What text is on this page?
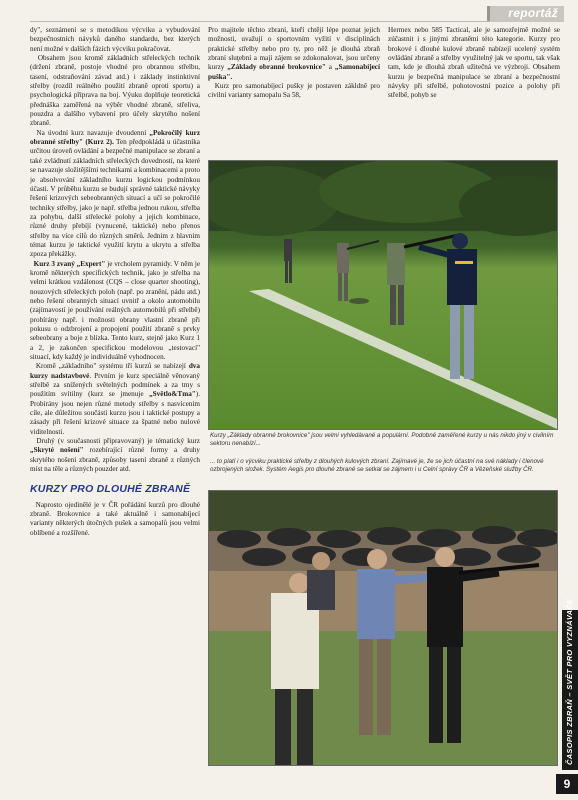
reportáž

dy", seznámení se s metodikou výcviku a vybudování bezpečnostních návyků daného standardu, bez kterých není možné v dalších fázích výcviku pokračovat.

Obsahem jsou kromě základních střeleckých technik (držení zbraně, postoje vhodné pro obrannou střelbu, tasení, odstraňování závad atd.) i základy instinktivní střelby (rozdíl reálného použití zbraně oproti sportu) a psychologická příprava na boj. Výuku doplňuje teoretická přednáška zaměřená na výběr vhodné zbraně, střeliva, pouzdra a dalšího vybavení pro účely skrytého nošení zbraně.

Na úvodní kurz navazuje dvoudenní „Pokročilý kurz obranné střelby" (Kurz 2). Ten předpokládá u účastníka určitou úroveň ovládání a bezpečné manipulace se zbraní a také zvládnutí základních střeleckých dovedností, na které se navazuje složitějšími technikami a kombinacemi a proto je absolvování základního kurzu logickou podmínkou účasti. V průběhu kurzu se budují správné taktické návyky řešení krizových sebeobranných situací a učí se pokročilé techniky střelby, jako je např. střelba jednou rukou, střelba za pohybu, další střelecké polohy a jejich kombinace, různé druhy přebíjí (vynucené, taktické) nebo přenos střelby na více cílů do různých směrů. Jedním z hlavním témat kurzu je taktické využití krytu a ukrytu a střelba zpoza překážky.

Kurz 3 zvaný „Expert" je vrcholem pyramidy. V něm je kromě některých specifických technik, jako je střelba na velmi krátkou vzdálenost (CQS – close quarter shooting), nouzových střeleckých poloh (např. po zranění, pádu atd.) nebo řešení obranných situací uvnitř a okolo automobilu (zajímavostí je používání reálných automobilů při střelbě) probírány např. i možnosti obrany vlastní zbraně při pokusu o odzbrojení a propojení použití zbraně s prvky sebeobrany a boje z blízka. Tento kurz, stejně jako Kurz 1 a 2, je zakončen specifickou modelovou „testovací" situací, kdy každý je individuálně vyhodnocen.

Kromě „základního" systému tří kurzů se nabízejí dva kurzy nadstavbové. Prvním je kurz speciálně věnovaný střelbě za snížených světelných podmínek a za tmy s použitím svítilny (kurz se jmenuje „Světlo&Tma"). Probírány jsou nejen různé metody střelby s nasvícením cíle, ale důležitou součástí kurzu jsou i taktické postupy a zásady při řešení krizové situace za špatné nebo nulové viditelnosti.

Druhý (v současnosti připravovaný) je tématický kurz „Skryté nošení" rozebírající různé formy a druhy skrytého nošení zbraně, způsoby tasení zbraně z různých míst na těle a různých pouzder atd.

KURZY PRO DLOUHÉ ZBRANĚ

Naprosto ojedinělé je v ČR pořádání kurzů pro dlouhé zbraně. Brokovnice a také aktuálně i samonabíjecí varianty některých útočných pušek a samopalů jsou velmi oblíbené a rozšířené.

Pro majitele těchto zbraní, kteří chtějí lépe poznat jejich možnosti, uvažují o sportovním vyžití v disciplínách praktické střelby nebo pro ty, pro něž je dlouhá zbraň zbraní sluţební a mají zájem se zdokonalovat, jsou určeny kurzy „Základy obranné brokovnice" a „Samonabíjecí puška".

Kurz pro samonabíjecí pušky je postaven zákldně pro civilní varianty samopalu Sa 58,

Hermex nebo 585 Tactical, ale je samozřejmě možné se zúčastnit i s jinými zbraněmi této kategorie. Kurzy pro brokové i dlouhé kulové zbraně nabízejí ucelený systém ovládání zbraně a střelby využitelný jak ve sportu, tak však tam, kde je dlouhá zbraň užitečná ve výzbroji. Obsahem kurzu je bezpečná manipulace se zbraní a bezpečnostní návyky při střelbě, pohotovostní pozice a polohy při střelbě, pohyb se

Kurzy „Základy obranné brokovnice" jsou velmi vyhledávané a populární. Podobně zaměřené kurzy u nás nikdo jiný v civilním sektoru nenabízí...
... to platí i o výcviku praktické střelby z dlouhých kulových zbraní. Zajímavé je, že se jich účastní na své náklady i členové ozbrojených složek. Systém Aegis pro dlouhé zbraně se setkal se zájmem i u Celní správy ČR a Vězeňské služby ČR.
ČASOPIS ZBRAŇ – SVĚT PRO VYZNÁVAČE
9
